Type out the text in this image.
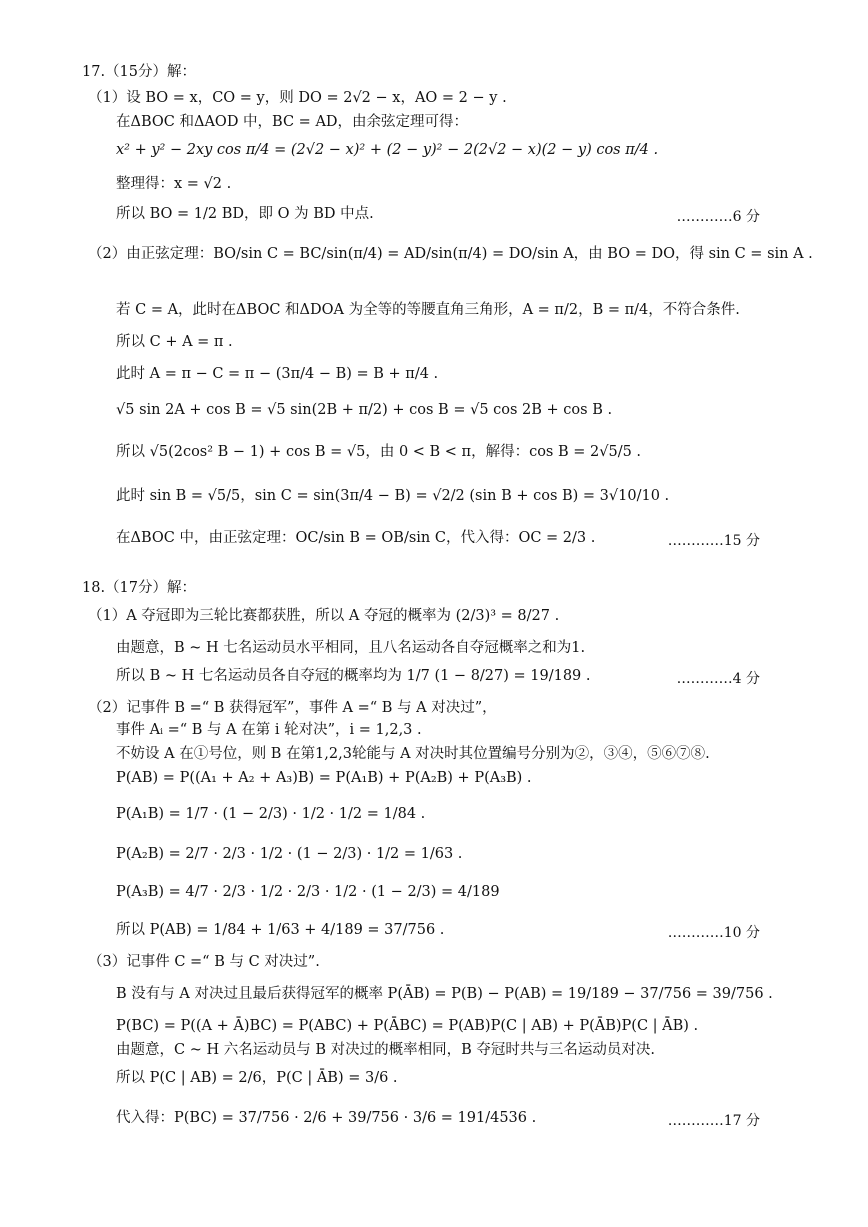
17.（15分）解：
（1）设 BO = x，CO = y，则 DO = 2√2 − x，AO = 2 − y .
在ΔBOC 和ΔAOD 中，BC = AD，由余弦定理可得：
x² + y² − 2xy cos π/4 = (2√2 − x)² + (2 − y)² − 2(2√2 − x)(2 − y) cos π/4 .
整理得：x = √2 .
所以 BO = 1/2 BD，即 O 为 BD 中点.	…………6 分
（2）由正弦定理：BO/sin C = BC/sin(π/4) = AD/sin(π/4) = DO/sin A，由 BO = DO，得 sin C = sin A .
若 C = A，此时在ΔBOC 和ΔDOA 为全等的等腰直角三角形，A = π/2，B = π/4，不符合条件.
所以 C + A = π .
此时 A = π − C = π − (3π/4 − B) = B + π/4 .
√5 sin 2A + cos B = √5 sin(2B + π/2) + cos B = √5 cos 2B + cos B .
所以 √5(2cos² B − 1) + cos B = √5，由 0 < B < π，解得：cos B = 2√5/5 .
此时 sin B = √5/5，sin C = sin(3π/4 − B) = √2/2 (sin B + cos B) = 3√10/10 .
在ΔBOC 中，由正弦定理：OC/sin B = OB/sin C，代入得：OC = 2/3 .	…………15 分
18.（17分）解：
（1）A 夺冠即为三轮比赛都获胜，所以 A 夺冠的概率为 (2/3)³ = 8/27 .
由题意，B ~ H 七名运动员水平相同，且八名运动各自夺冠概率之和为1.
所以 B ~ H 七名运动员各自夺冠的概率均为 1/7 (1 − 8/27) = 19/189 .	…………4 分
（2）记事件 B =“ B 获得冠军”，事件 A =“ B 与 A 对决过”，
事件 Aᵢ =“ B 与 A 在第 i 轮对决”，i = 1,2,3 .
不妨设 A 在①号位，则 B 在第1,2,3轮能与 A 对决时其位置编号分别为②，③④，⑤⑥⑦⑧.
P(AB) = P((A₁ + A₂ + A₃)B) = P(A₁B) + P(A₂B) + P(A₃B) .
P(A₁B) = 1/7 · (1 − 2/3) · 1/2 · 1/2 = 1/84 .
P(A₂B) = 2/7 · 2/3 · 1/2 · (1 − 2/3) · 1/2 = 1/63 .
P(A₃B) = 4/7 · 2/3 · 1/2 · 2/3 · 1/2 · (1 − 2/3) = 4/189
所以 P(AB) = 1/84 + 1/63 + 4/189 = 37/756 .	…………10 分
（3）记事件 C =“ B 与 C 对决过”.
B 没有与 A 对决过且最后获得冠军的概率 P(ĀB) = P(B) − P(AB) = 19/189 − 37/756 = 39/756 .
P(BC) = P((A + Ā)BC) = P(ABC) + P(ĀBC) = P(AB)P(C | AB) + P(ĀB)P(C | ĀB) .
由题意，C ~ H 六名运动员与 B 对决过的概率相同，B 夺冠时共与三名运动员对决.
所以 P(C | AB) = 2/6，P(C | ĀB) = 3/6 .
代入得：P(BC) = 37/756 · 2/6 + 39/756 · 3/6 = 191/4536 .	…………17 分
